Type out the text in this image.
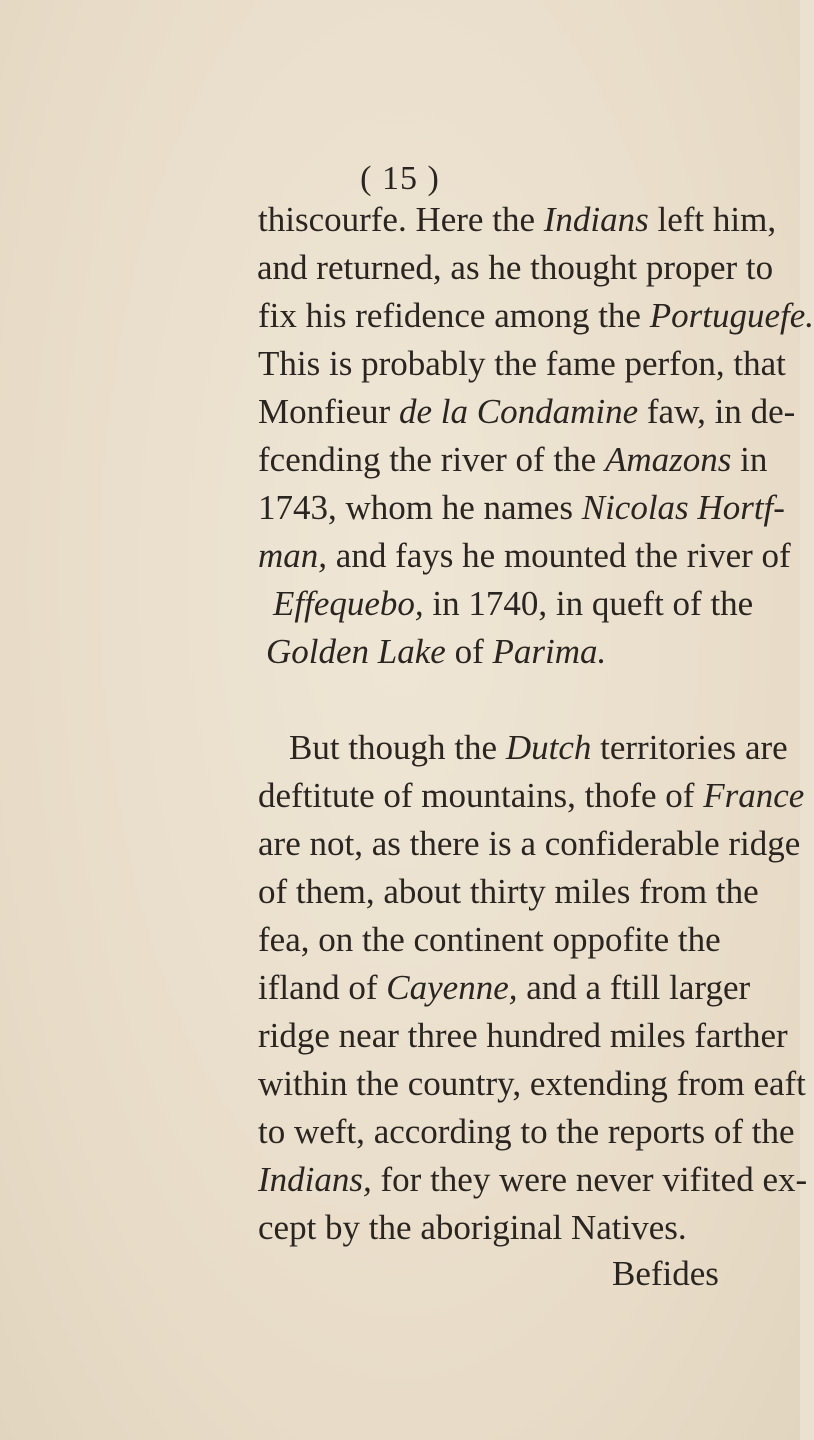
( 15 )
thiscourfe. Here the Indians left him,
and returned, as he thought proper to
fix his refidence among the Portuguefe.
This is probably the fame perfon, that
Monfieur de la Condamine faw, in de-
fcending the river of the Amazons in
1743, whom he names Nicolas Hortf-
man, and fays he mounted the river of
Effequebo, in 1740, in queft of the
Golden Lake of Parima.
But though the Dutch territories are
deftitute of mountains, thofe of France
are not, as there is a confiderable ridge
of them, about thirty miles from the
fea, on the continent oppofite the
ifland of Cayenne, and a ftill larger
ridge near three hundred miles farther
within the country, extending from eaft
to weft, according to the reports of the
Indians, for they were never vifited ex-
cept by the aboriginal Natives.
Befides
